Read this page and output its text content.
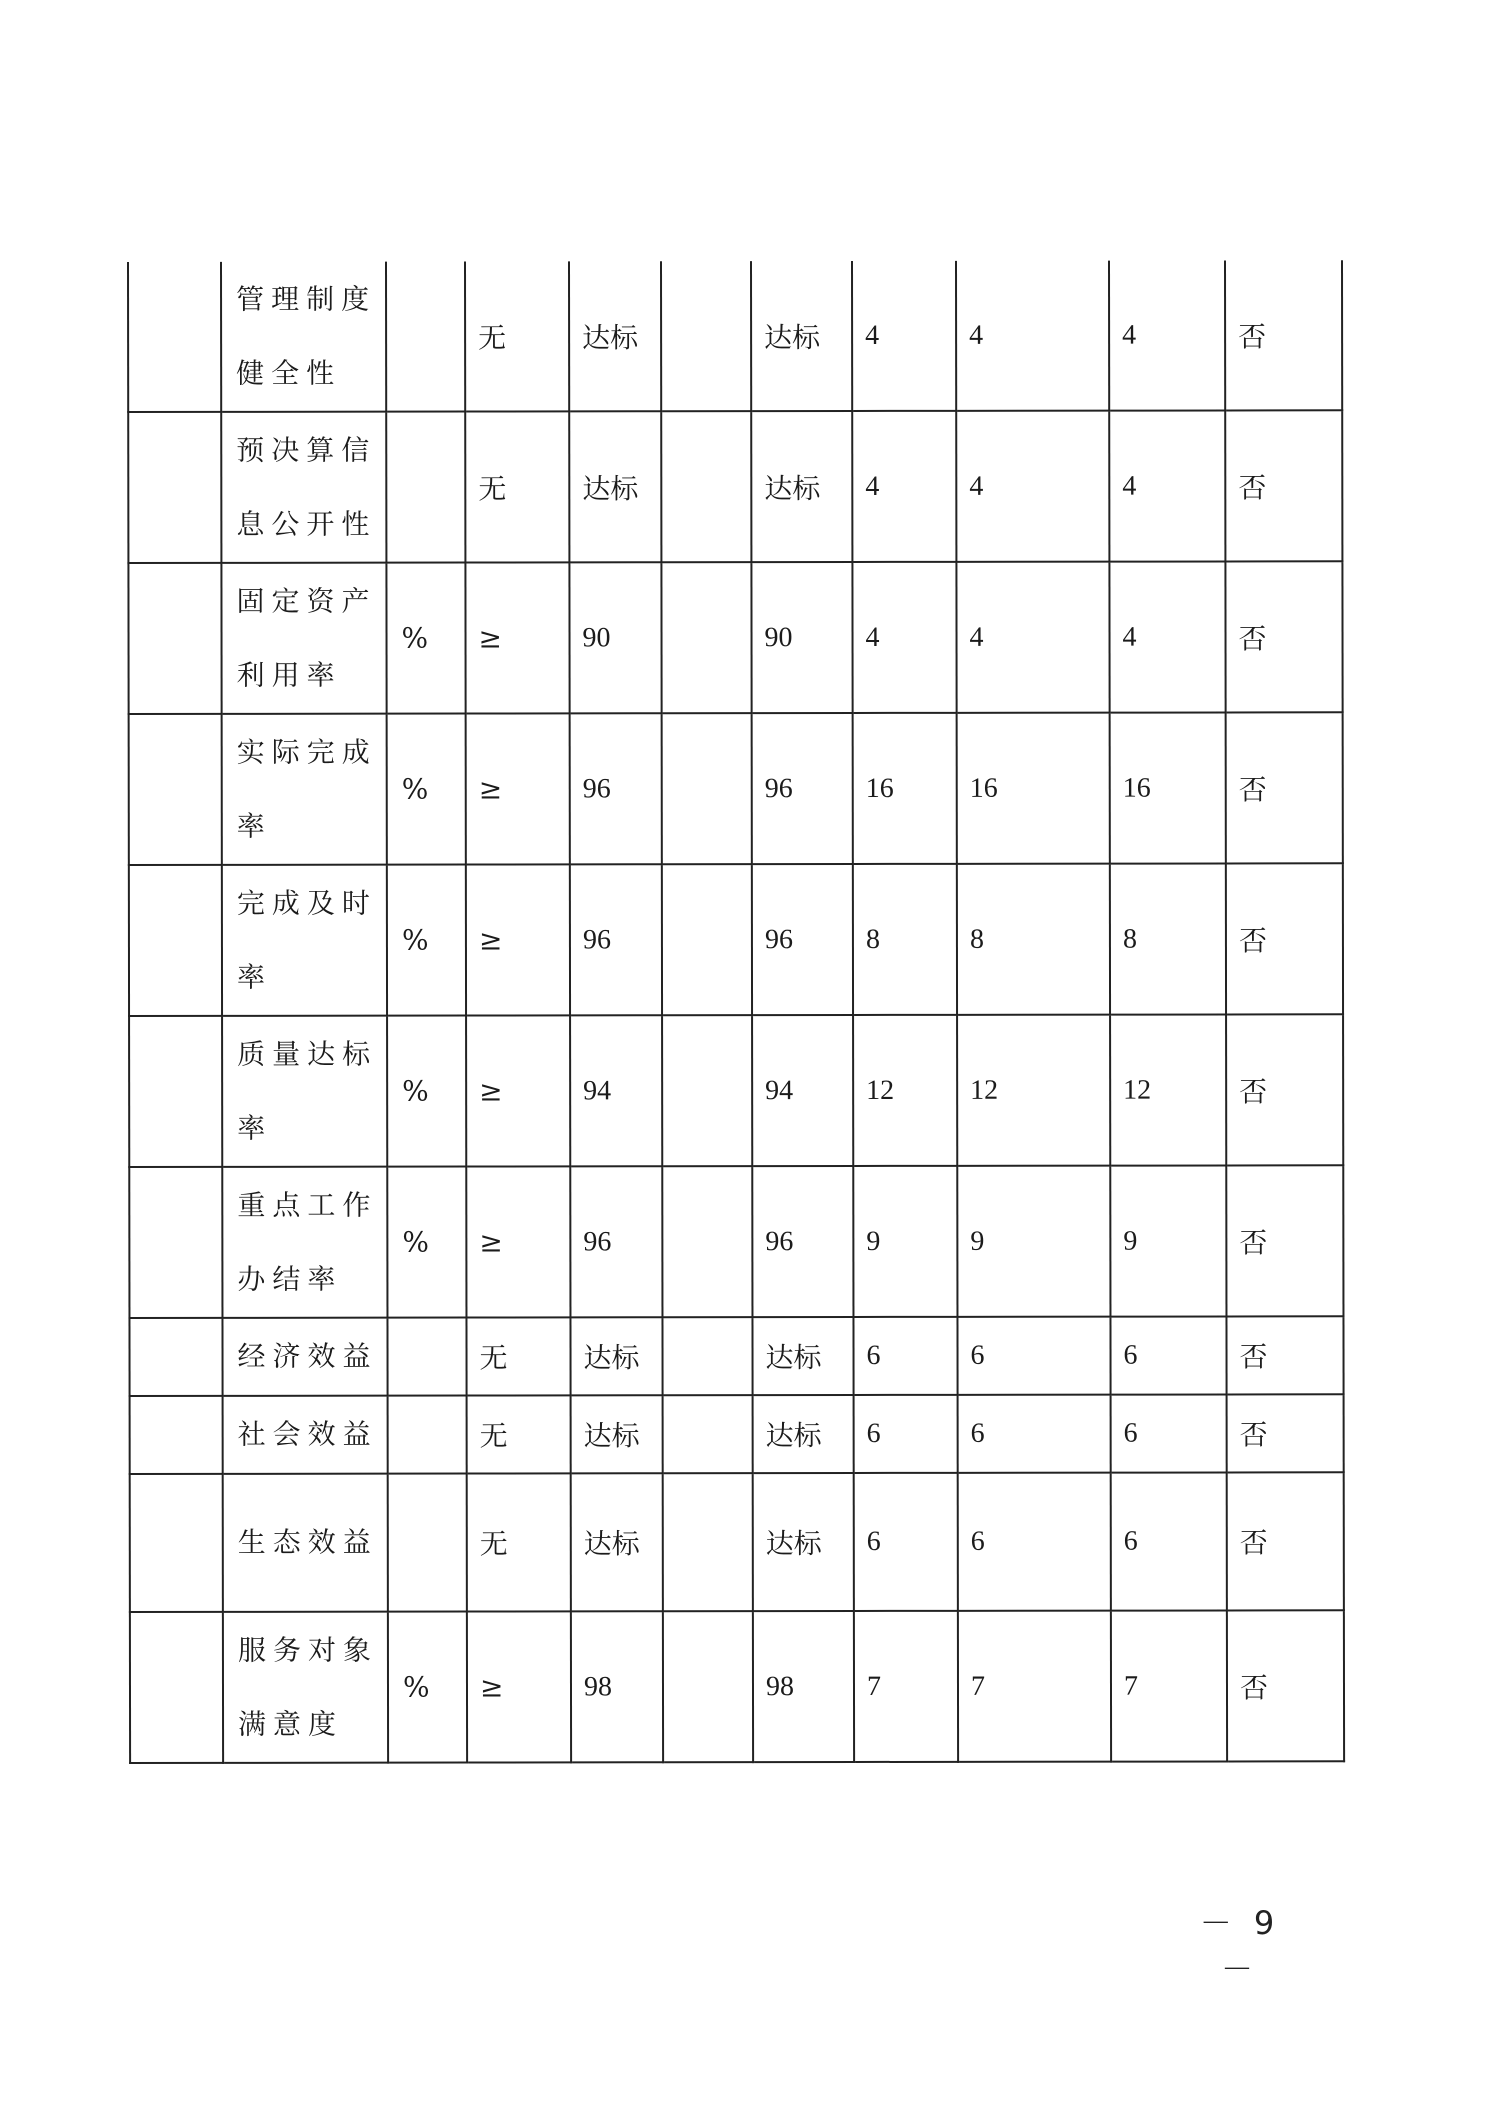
	管理制度健全性		无	达标		达标	4	4	4	否
	预决算信息公开性		无	达标		达标	4	4	4	否
	固定资产利用率	%	≥	90		90	4	4	4	否
	实际完成率	%	≥	96		96	16	16	16	否
	完成及时率	%	≥	96		96	8	8	8	否
	质量达标率	%	≥	94		94	12	12	12	否
	重点工作办结率	%	≥	96		96	9	9	9	否
	经济效益		无	达标		达标	6	6	6	否
	社会效益		无	达标		达标	6	6	6	否
	生态效益		无	达标		达标	6	6	6	否
	服务对象满意度	%	≥	98		98	7	7	7	否
－ 9 －
